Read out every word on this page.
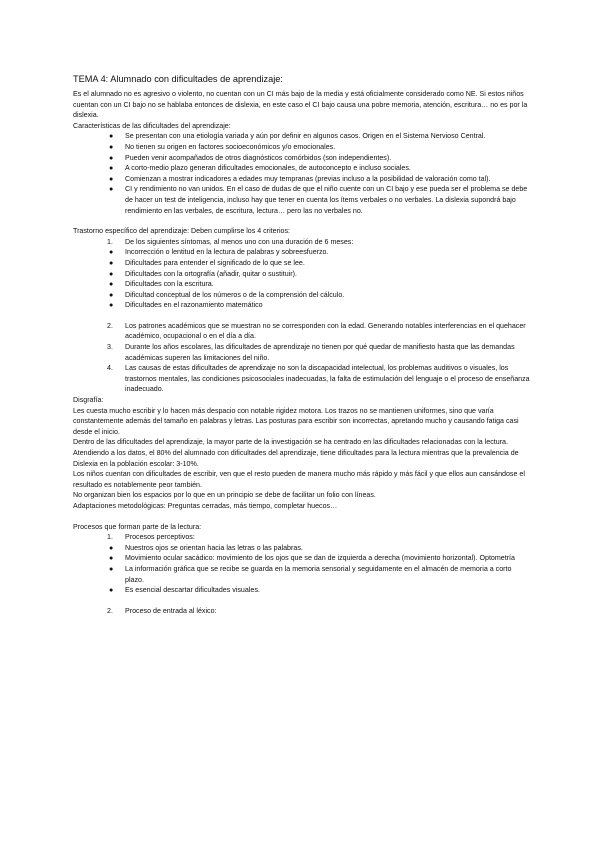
TEMA 4: Alumnado con dificultades de aprendizaje:

Es el alumnado no es agresivo o violento, no cuentan con un CI más bajo de la media y está oficialmente considerado como NE. Si estos niños cuentan con un CI bajo no se hablaba entonces de dislexia, en este caso el CI bajo causa una pobre memoria, atención, escritura… no es por la dislexia.

Características de las dificultades del aprendizaje:

● Se presentan con una etiología variada y aún por definir en algunos casos. Origen en el Sistema Nervioso Central.
● No tienen su origen en factores socioeconómicos y/o emocionales.
● Pueden venir acompañados de otros diagnósticos comórbidos (son independientes).
● A corto-medio plazo generan dificultades emocionales, de autoconcepto e incluso sociales.
● Comienzan a mostrar indicadores a edades muy tempranas (previas incluso a la posibilidad de valoración como tal).
● CI y rendimiento no van unidos. En el caso de dudas de que el niño cuente con un CI bajo y ese pueda ser el problema se debe de hacer un test de inteligencia, incluso hay que tener en cuenta los ítems verbales o no verbales. La dislexia supondrá bajo rendimiento en las verbales, de escritura, lectura… pero las no verbales no.

Trastorno específico del aprendizaje: Deben cumplirse los 4 criterios:

1. De los siguientes síntomas, al menos uno con una duración de 6 meses:
● Incorrección o lentitud en la lectura de palabras y sobreesfuerzo.
● Dificultades para entender el significado de lo que se lee.
● Dificultades con la ortografía (añadir, quitar o sustituir).
● Dificultades con la escritura.
● Dificultad conceptual de los números o de la comprensión del cálculo.
● Dificultades en el razonamiento matemático
2. Los patrones académicos que se muestran no se corresponden con la edad. Generando notables interferencias en el quehacer académico, ocupacional o en el día a día.
3. Durante los años escolares, las dificultades de aprendizaje no tienen por qué quedar de manifiesto hasta que las demandas académicas superen las limitaciones del niño.
4. Las causas de estas dificultades de aprendizaje no son la discapacidad intelectual, los problemas auditivos o visuales, los trastornos mentales, las condiciones psicosociales inadecuadas, la falta de estimulación del lenguaje o el proceso de enseñanza inadecuado.

Disgrafía:

Les cuesta mucho escribir y lo hacen más despacio con notable rigidez motora. Los trazos no se mantienen uniformes, sino que varía constantemente además del tamaño en palabras y letras. Las posturas para escribir son incorrectas, apretando mucho y causando fatiga casi desde el inicio.

Dentro de las dificultades del aprendizaje, la mayor parte de la investigación se ha centrado en las dificultades relacionadas con la lectura. Atendiendo a los datos, el 80% del alumnado con dificultades del aprendizaje, tiene dificultades para la lectura mientras que la prevalencia de Dislexia en la población escolar: 3-10%.

Los niños cuentan con dificultades de escribir, ven que el resto pueden de manera mucho más rápido y más fácil y que ellos aun cansándose el resultado es notablemente peor también.

No organizan bien los espacios por lo que en un principio se debe de facilitar un folio con líneas.

Adaptaciones metodológicas: Preguntas cerradas, más tiempo, completar huecos…

Procesos que forman parte de la lectura:

1. Procesos perceptivos:
● Nuestros ojos se orientan hacia las letras o las palabras.
● Movimiento ocular sacádico: movimiento de los ojos que se dan de izquierda a derecha (movimiento horizontal). Optometría
● La información gráfica que se recibe se guarda en la memoria sensorial y seguidamente en el almacén de memoria a corto plazo.
● Es esencial descartar dificultades visuales.
2. Proceso de entrada al léxico:
